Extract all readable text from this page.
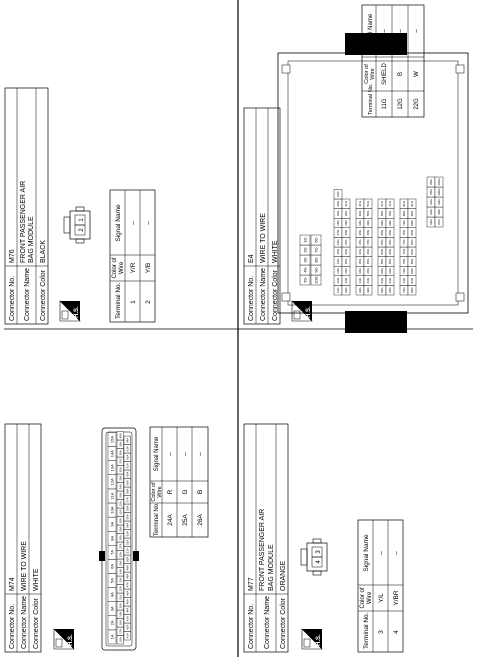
Connector No. Connector Name Connector Color
M74 WIRE TO WIRE WHITE
H.S.	1A
2A
3A
4A
5A
6A
7A
8A
9A
10A
11A
12A
13A
14A
15A
16A
17A
18A
19A
20A
21A
22A
23A
24A
25A
26A
27A
28A
29A
30A
31A
32A
33A
34A
35A
36A
37A
38A
39A
40A
41A
42A
43A
44A
45A
46A
47A
48A
49A
50A
51A
52A
53A
54A
55A
56A
57A
58A
59A
60A
61A
62A
63A
64A
Terminal No.
Color of Wire
Signal Name
24A
R
–
25A
G
–
26A
B
–
Connector No. Connector Name Connector Color
M76 FRONT PASSENGER AIR BAG MODULE BLACK
H.S.
2
1
Terminal No.
Color of Wire
Signal Name
1
Y/R
–
2
Y/B
–
Connector No. Connector Name Connector Color
M77 FRONT PASSENGER AIR BAG MODULE ORANGE
H.S.
4
3
Terminal No.
Color of Wire
Signal Name
3
Y/L
–
4
Y/BR
–
Connector No. Connector Name Connector Color
E4 WIRE TO WIRE WHITE
H.S.
5G
4G
3G
2G
1G
10G
9G
8G
7G
6G
11G
12G
13G
14G
15G
16G
17G
18G
19G
20G
21G
22G
23G
24G
25G
26G
27G
28G
29G
30G
31G
32G
33G
34G
35G
36G
37G
38G
39G
40G
41G
42G
43G
44G
45G
46G
47G
48G
49G
50G
51G
52G
53G
54G
55G
56G
57G
58G
59G
60G
61G
62G
63G
64G
65G
66G
67G
68G
69G
70G
71G
72G
73G
74G
75G
76G
77G
78G
79G
80G
81G
82G
83G
84G
85G
86G
87G
88G
89G
90G
91G
92G
93G
94G
95G
96G
97G
98G
99G
100G
101G
Terminal No.
Color of Wire
Signal Name
11G
SHIELD
–
12G
B
–
22G
W
–
